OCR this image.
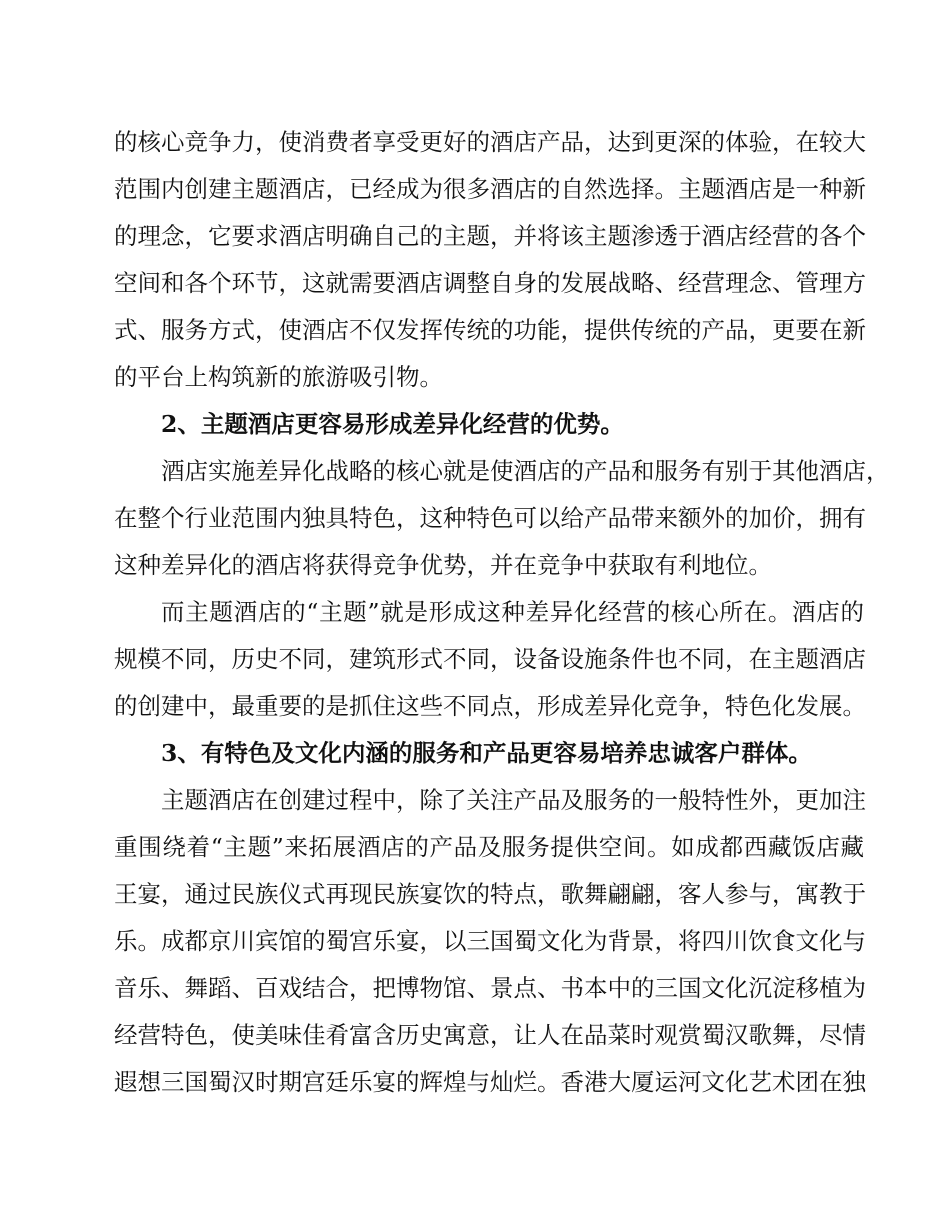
的核心竞争力，使消费者享受更好的酒店产品，达到更深的体验，在较大
范围内创建主题酒店，已经成为很多酒店的自然选择。主题酒店是一种新
的理念，它要求酒店明确自己的主题，并将该主题渗透于酒店经营的各个
空间和各个环节，这就需要酒店调整自身的发展战略、经营理念、管理方
式、服务方式，使酒店不仅发挥传统的功能，提供传统的产品，更要在新
的平台上构筑新的旅游吸引物。
2、主题酒店更容易形成差异化经营的优势。
酒店实施差异化战略的核心就是使酒店的产品和服务有别于其他酒店，
在整个行业范围内独具特色，这种特色可以给产品带来额外的加价，拥有
这种差异化的酒店将获得竞争优势，并在竞争中获取有利地位。
而主题酒店的“主题”就是形成这种差异化经营的核心所在。酒店的
规模不同，历史不同，建筑形式不同，设备设施条件也不同，在主题酒店
的创建中，最重要的是抓住这些不同点，形成差异化竞争，特色化发展。
3、有特色及文化内涵的服务和产品更容易培养忠诚客户群体。
主题酒店在创建过程中，除了关注产品及服务的一般特性外，更加注
重围绕着“主题”来拓展酒店的产品及服务提供空间。如成都西藏饭店藏
王宴，通过民族仪式再现民族宴饮的特点，歌舞翩翩，客人参与，寓教于
乐。成都京川宾馆的蜀宫乐宴，以三国蜀文化为背景，将四川饮食文化与
音乐、舞蹈、百戏结合，把博物馆、景点、书本中的三国文化沉淀移植为
经营特色，使美味佳肴富含历史寓意，让人在品菜时观赏蜀汉歌舞，尽情
遐想三国蜀汉时期宫廷乐宴的辉煌与灿烂。香港大厦运河文化艺术团在独
